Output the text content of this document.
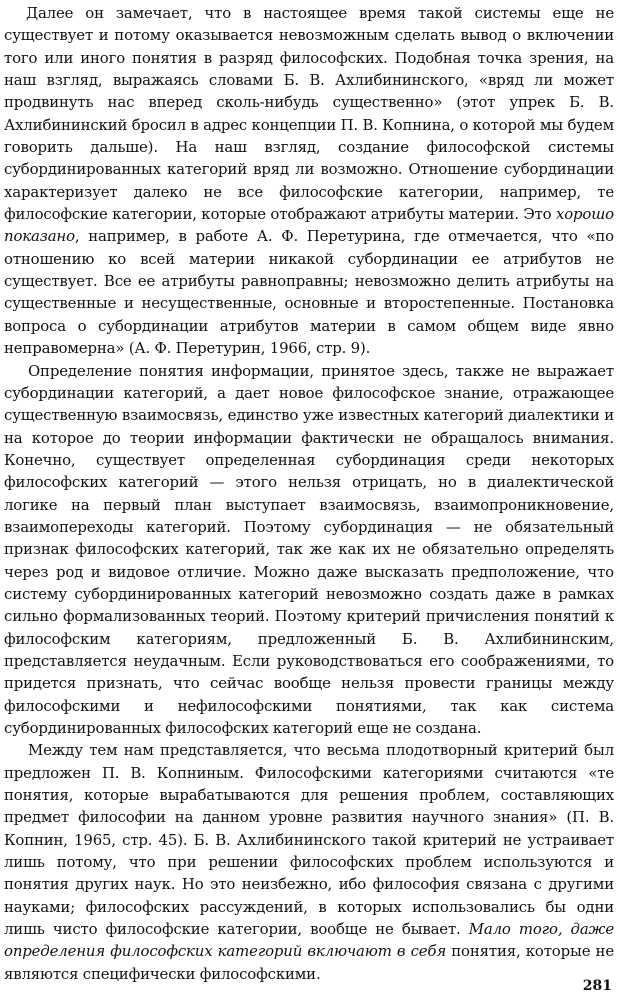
Далее он замечает, что в настоящее время такой системы еще не существует и потому оказывается невозможным сделать вывод о включении того или иного понятия в разряд философских. Подобная точка зрения, на наш взгляд, выражаясь словами Б. В. Ахлибининского, «вряд ли может продвинуть нас вперед сколь-нибудь существенно» (этот упрек Б. В. Ахлибининский бросил в адрес концепции П. В. Копнина, о которой мы будем говорить дальше). На наш взгляд, создание философской системы субординированных категорий вряд ли возможно. Отношение субординации характеризует далеко не все философские категории, например, те философские категории, которые отображают атрибуты материи. Это хорошо показано, например, в работе А. Ф. Перетурина, где отмечается, что «по отношению ко всей материи никакой субординации ее атрибутов не существует. Все ее атрибуты равноправны; невозможно делить атрибуты на существенные и несущественные, основные и второстепенные. Постановка вопроса о субординации атрибутов материи в самом общем виде явно неправомерна» (А. Ф. Перетурин, 1966, стр. 9).

Определение понятия информации, принятое здесь, также не выражает субординации категорий, а дает новое философское знание, отражающее существенную взаимосвязь, единство уже известных категорий диалектики и на которое до теории информации фактически не обращалось внимания. Конечно, существует определенная субординация среди некоторых философских категорий — этого нельзя отрицать, но в диалектической логике на первый план выступает взаимосвязь, взаимопроникновение, взаимопереходы категорий. Поэтому субординация — не обязательный признак философских категорий, так же как их не обязательно определять через род и видовое отличие. Можно даже высказать предположение, что систему субординированных категорий невозможно создать даже в рамках сильно формализованных теорий. Поэтому критерий причисления понятий к философским категориям, предложенный Б. В. Ахлибининским, представляется неудачным. Если руководствоваться его соображениями, то придется признать, что сейчас вообще нельзя провести границы между философскими и нефилософскими понятиями, так как система субординированных философских категорий еще не создана.

Между тем нам представляется, что весьма плодотворный критерий был предложен П. В. Копниным. Философскими категориями считаются «те понятия, которые вырабатываются для решения проблем, составляющих предмет философии на данном уровне развития научного знания» (П. В. Копнин, 1965, стр. 45). Б. В. Ахлибининского такой критерий не устраивает лишь потому, что при решении философских проблем используются и понятия других наук. Но это неизбежно, ибо философия связана с другими науками; философских рассуждений, в которых использовались бы одни лишь чисто философские категории, вообще не бывает. Мало того, даже определения философских категорий включают в себя понятия, которые не являются специфически философскими.

281
